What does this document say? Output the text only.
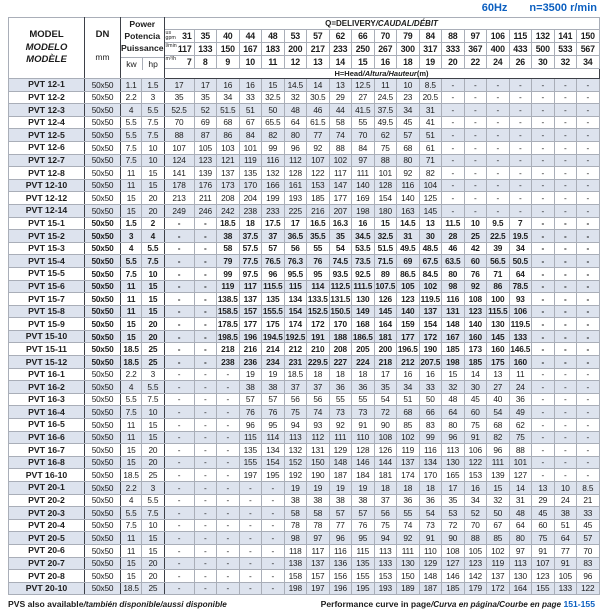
60Hz n=3500 r/min
MODEL
MODELO
MODÈLE

DN
mm

Power
Potencia
Puissance
kw	hp
	Q=DELIVERY/CAUDAL/DÉBIT

				us gpm 31	35	40	44	48	53	57	62	66	70	79	84	88	97	106	115	132	141	150

				l/min 117	133	150	167	183	200	217	233	250	267	300	317	333	367	400	433	500	533	567

				m³/h 7	8	9	10	11	12	13	14	15	16	18	19	20	22	24	26	30	32	34
				H=Head/Altura/Hauteur(m)																		
PVT 12-1	50x50	1.1	1.5	17	17	16	16	15	14.5	14	13	12.5	11	10	8.5	-	-	-	-	-	-	-
PVT 12-2	50x50	2.2	3	35	35	34	33	32.5	32	30.5	29	27	24.5	23	20.5	-	-	-	-	-	-	-
PVT 12-3	50x50	4	5.5	52.5	52	51.5	51	50	48	46	44	41.5	37.5	34	31	-	-	-	-	-	-	-
PVT 12-4	50x50	5.5	7.5	70	69	68	67	65.5	64	61.5	58	55	49.5	45	41	-	-	-	-	-	-	-
PVT 12-5	50x50	5.5	7.5	88	87	86	84	82	80	77	74	70	62	57	51	-	-	-	-	-	-	-
PVT 12-6	50x50	7.5	10	107	105	103	101	99	96	92	88	84	75	68	61	-	-	-	-	-	-	-
PVT 12-7	50x50	7.5	10	124	123	121	119	116	112	107	102	97	88	80	71	-	-	-	-	-	-	-
PVT 12-8	50x50	11	15	141	139	137	135	132	128	122	117	111	101	92	82	-	-	-	-	-	-	-
PVT 12-10	50x50	11	15	178	176	173	170	166	161	153	147	140	128	116	104	-	-	-	-	-	-	-
PVT 12-12	50x50	15	20	213	211	208	204	199	193	185	177	169	154	140	125	-	-	-	-	-	-	-
PVT 12-14	50x50	15	20	249	246	242	238	233	225	216	207	198	180	163	145	-	-	-	-	-	-	-
PVT 15-1	50x50	1.5	2	-	-	18.5	18	17.5	17	16.5	16.3	16	15	14.5	13	11.5	10	9.5	7	-	-	-
PVT 15-2	50x50	3	4	-	-	38	37.5	37	36.5	35.5	35	34.5	32.5	31	30	28	25	22.5	19.5	-	-	-
PVT 15-3	50x50	4	5.5	-	-	58	57.5	57	56	55	54	53.5	51.5	49.5	48.5	46	42	39	34	-	-	-
PVT 15-4	50x50	5.5	7.5	-	-	79	77.5	76.5	76.3	76	74.5	73.5	71.5	69	67.5	63.5	60	56.5	50.5	-	-	-
PVT 15-5	50x50	7.5	10	-	-	99	97.5	96	95.5	95	93.5	92.5	89	86.5	84.5	80	76	71	64	-	-	-
PVT 15-6	50x50	11	15	-	-	119	117	115.5	115	114	112.5	111.5	107.5	105	102	98	92	86	78.5	-	-	-
PVT 15-7	50x50	11	15	-	-	138.5	137	135	134	133.5	131.5	130	126	123	119.5	116	108	100	93	-	-	-
PVT 15-8	50x50	11	15	-	-	158.5	157	155.5	154	152.5	150.5	149	145	140	137	131	123	115.5	106	-	-	-
PVT 15-9	50x50	15	20	-	-	178.5	177	175	174	172	170	168	164	159	154	148	140	130	119.5	-	-	-
PVT 15-10	50x50	15	20	-	-	198.5	196	194.5	192.5	191	188	186.5	181	177	172	167	160	145	133	-	-	-
PVT 15-11	50x50	18.5	25	-	-	218	216	214	212	210	208	205	200	196.5	190	185	173	160	146.5	-	-	-
PVT 15-12	50x50	18.5	25	-	-	238	236	234	231	229.5	227	224	218	212	207.5	198	185	175	160	-	-	-
PVT 16-1	50x50	2.2	3	-	-	-	19	19	18.5	18	18	18	17	16	16	15	14	13	11	-	-	-
PVT 16-2	50x50	4	5.5	-	-	-	38	38	37	37	36	36	35	34	33	32	30	27	24	-	-	-
PVT 16-3	50x50	5.5	7.5	-	-	-	57	57	56	56	55	55	54	51	50	48	45	40	36	-	-	-
PVT 16-4	50x50	7.5	10	-	-	-	76	76	75	74	73	73	72	68	66	64	60	54	49	-	-	-
PVT 16-5	50x50	11	15	-	-	-	96	95	94	93	92	91	90	85	83	80	75	68	62	-	-	-
PVT 16-6	50x50	11	15	-	-	-	115	114	113	112	111	110	108	102	99	96	91	82	75	-	-	-
PVT 16-7	50x50	15	20	-	-	-	135	134	132	131	129	128	126	119	116	113	106	96	88	-	-	-
PVT 16-8	50x50	15	20	-	-	-	155	154	152	150	148	146	144	137	134	130	122	111	101	-	-	-
PVT 16-10	50x50	18.5	25	-	-	-	197	195	192	190	187	184	181	174	170	165	153	139	127	-	-	-
PVT 20-1	50x50	2.2	3	-	-	-	-	-	19	19	19	19	18	18	18	17	16	15	14	13	10	8.5
PVT 20-2	50x50	4	5.5	-	-	-	-	-	38	38	38	38	37	36	36	35	34	32	31	29	24	21
PVT 20-3	50x50	5.5	7.5	-	-	-	-	-	58	58	57	57	56	55	54	53	52	50	48	45	38	33
PVT 20-4	50x50	7.5	10	-	-	-	-	-	78	78	77	76	75	74	73	72	70	67	64	60	51	45
PVT 20-5	50x50	11	15	-	-	-	-	-	98	97	96	95	94	92	91	90	88	85	80	75	64	57
PVT 20-6	50x50	11	15	-	-	-	-	-	118	117	116	115	113	111	110	108	105	102	97	91	77	70
PVT 20-7	50x50	15	20	-	-	-	-	-	138	137	136	135	133	130	129	127	123	119	113	107	91	83
PVT 20-8	50x50	15	20	-	-	-	-	-	158	157	156	155	153	150	148	146	142	137	130	123	105	96
PVT 20-10	50x50	18.5	25	-	-	-	-	-	198	197	196	195	193	189	187	185	179	172	164	155	133	122
PVS also available/también disponible/aussi disponible	Performance curve in page/Curva en página/Courbe en page 151-155
